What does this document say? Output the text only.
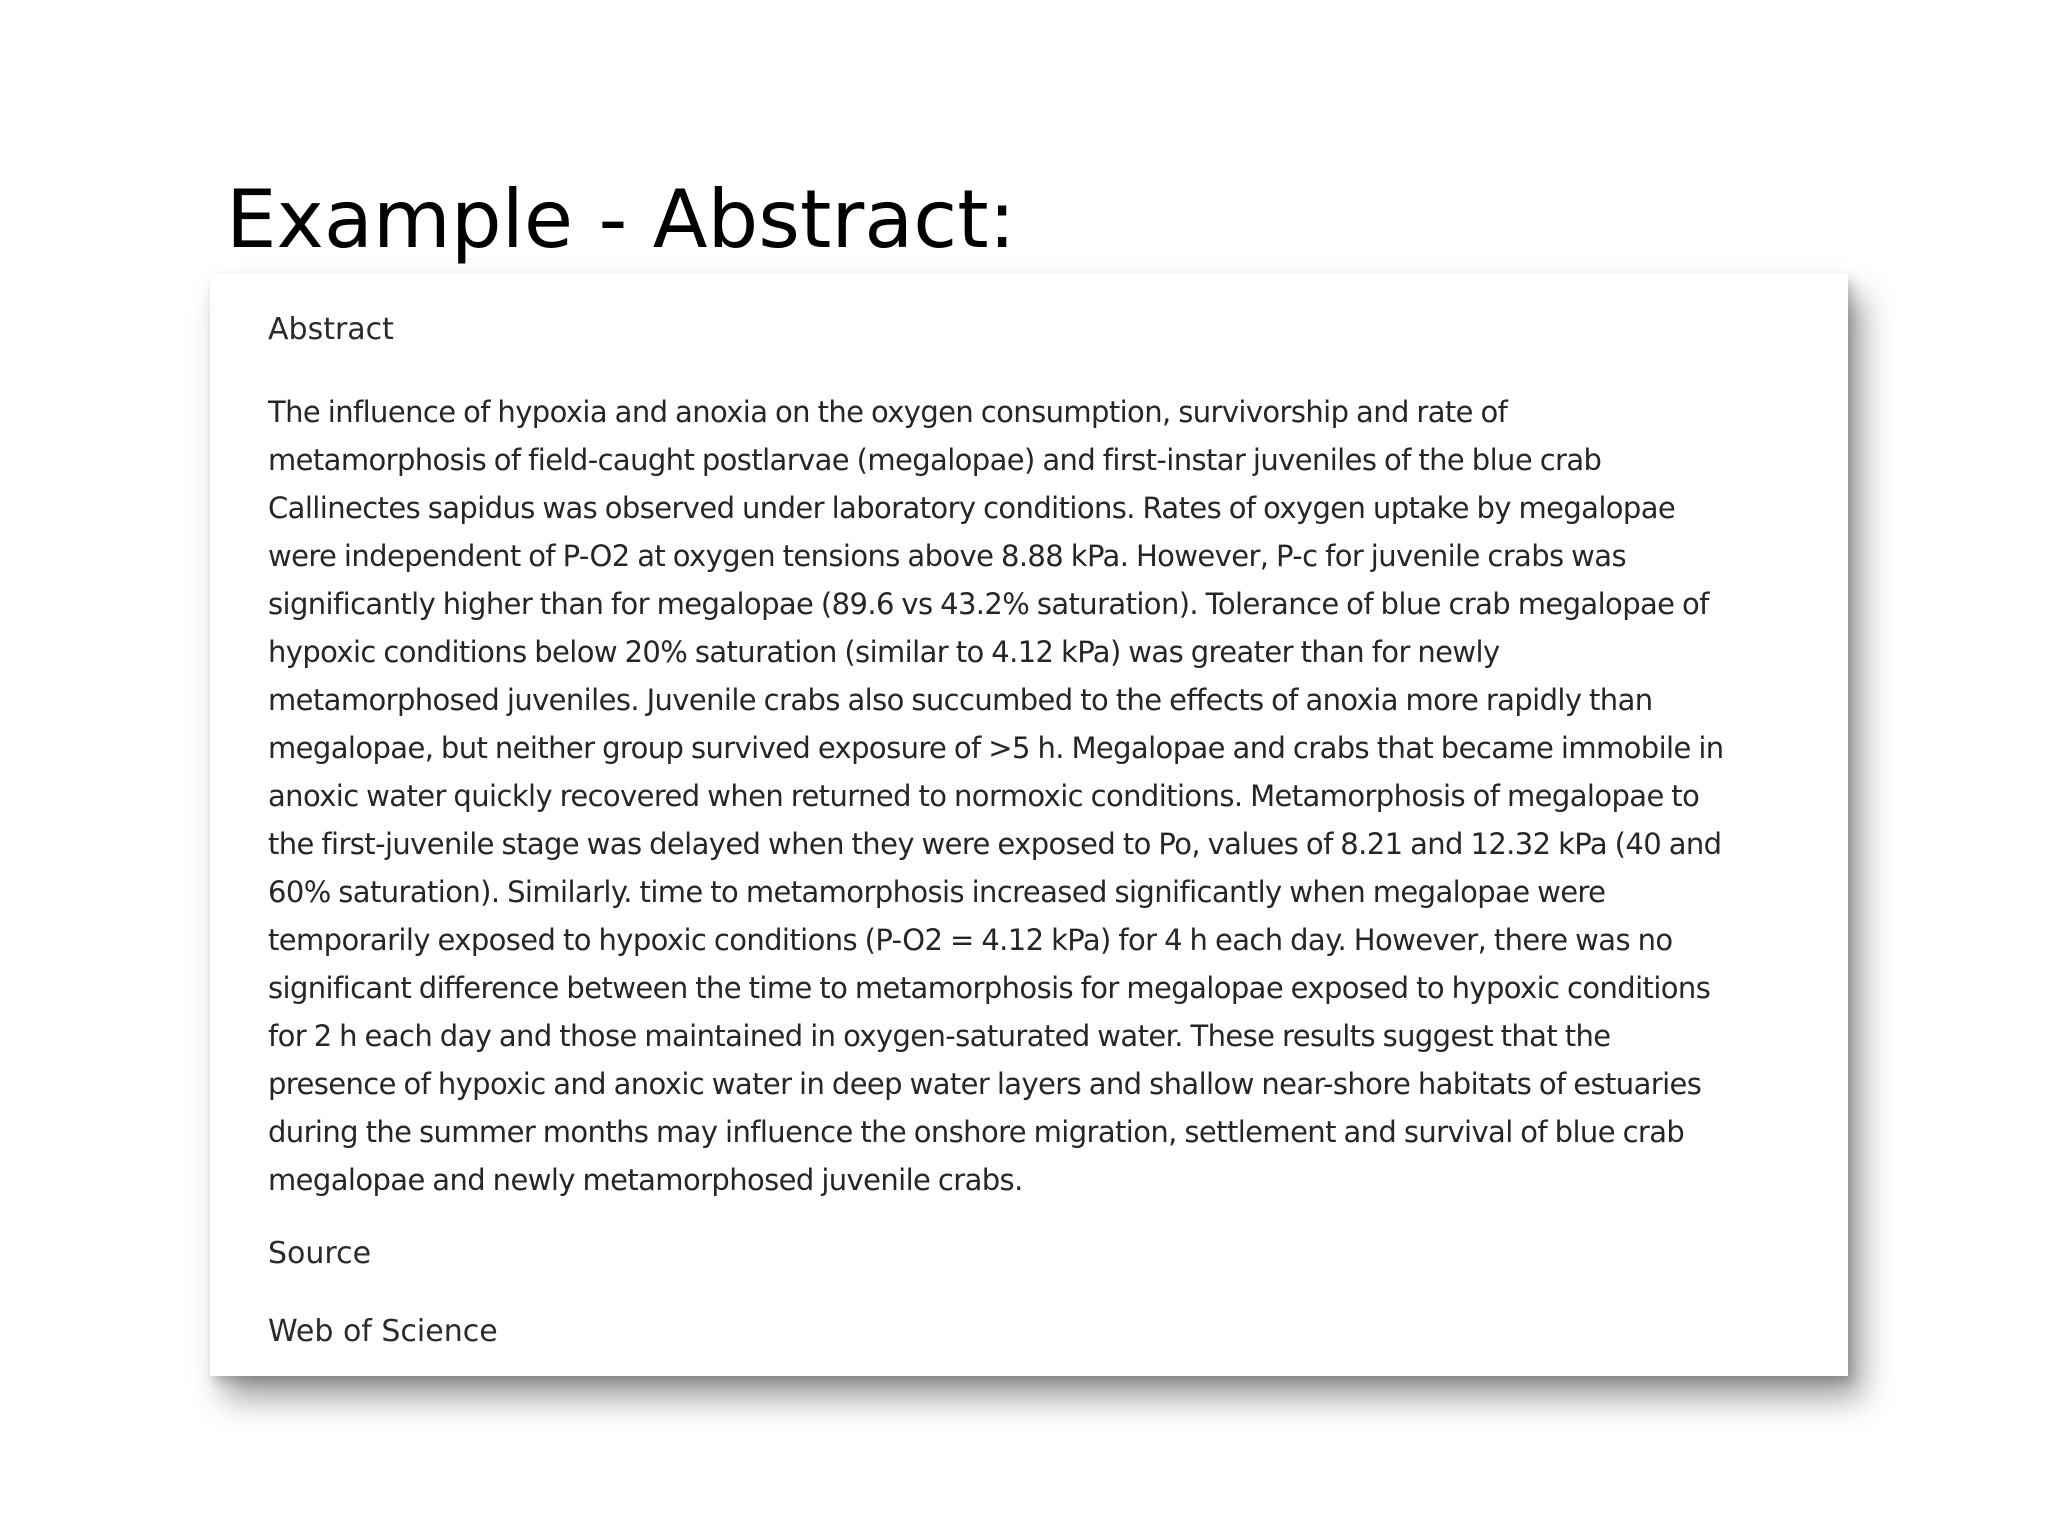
Example - Abstract:
Abstract
The influence of hypoxia and anoxia on the oxygen consumption, survivorship and rate of
metamorphosis of field-caught postlarvae (megalopae) and first-instar juveniles of the blue crab
Callinectes sapidus was observed under laboratory conditions. Rates of oxygen uptake by megalopae
were independent of P-O2 at oxygen tensions above 8.88 kPa. However, P-c for juvenile crabs was
significantly higher than for megalopae (89.6 vs 43.2% saturation). Tolerance of blue crab megalopae of
hypoxic conditions below 20% saturation (similar to 4.12 kPa) was greater than for newly
metamorphosed juveniles. Juvenile crabs also succumbed to the effects of anoxia more rapidly than
megalopae, but neither group survived exposure of >5 h. Megalopae and crabs that became immobile in
anoxic water quickly recovered when returned to normoxic conditions. Metamorphosis of megalopae to
the first-juvenile stage was delayed when they were exposed to Po, values of 8.21 and 12.32 kPa (40 and
60% saturation). Similarly. time to metamorphosis increased significantly when megalopae were
temporarily exposed to hypoxic conditions (P-O2 = 4.12 kPa) for 4 h each day. However, there was no
significant difference between the time to metamorphosis for megalopae exposed to hypoxic conditions
for 2 h each day and those maintained in oxygen-saturated water. These results suggest that the
presence of hypoxic and anoxic water in deep water layers and shallow near-shore habitats of estuaries
during the summer months may influence the onshore migration, settlement and survival of blue crab
megalopae and newly metamorphosed juvenile crabs.
Source
Web of Science
